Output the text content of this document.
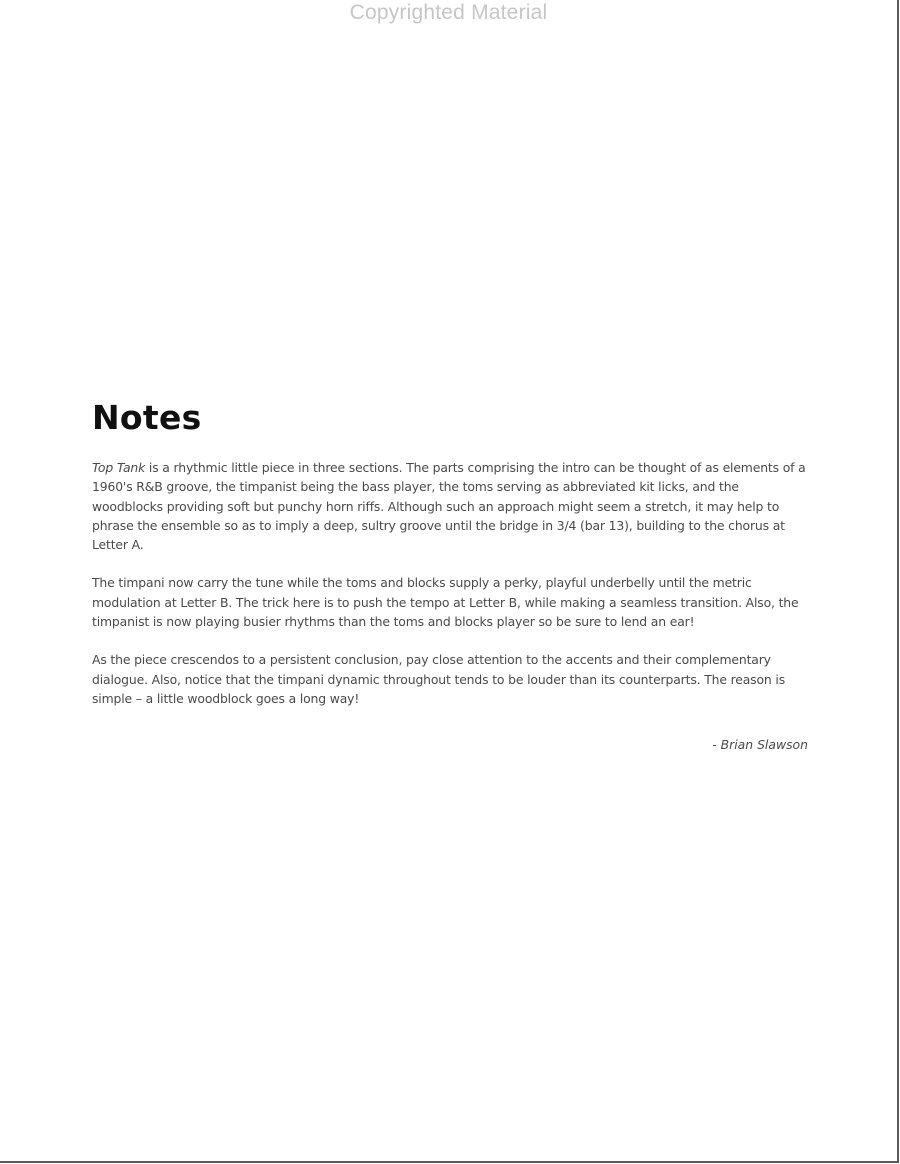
Copyrighted Material
Notes

Top Tank is a rhythmic little piece in three sections. The parts comprising the intro can be thought of as elements of a 1960's R&B groove, the timpanist being the bass player, the toms serving as abbreviated kit licks, and the woodblocks providing soft but punchy horn riffs. Although such an approach might seem a stretch, it may help to phrase the ensemble so as to imply a deep, sultry groove until the bridge in 3/4 (bar 13), building to the chorus at Letter A.

The timpani now carry the tune while the toms and blocks supply a perky, playful underbelly until the metric modulation at Letter B. The trick here is to push the tempo at Letter B, while making a seamless transition. Also, the timpanist is now playing busier rhythms than the toms and blocks player so be sure to lend an ear!

As the piece crescendos to a persistent conclusion, pay close attention to the accents and their complementary dialogue. Also, notice that the timpani dynamic throughout tends to be louder than its counterparts. The reason is simple – a little woodblock goes a long way!

- Brian Slawson
